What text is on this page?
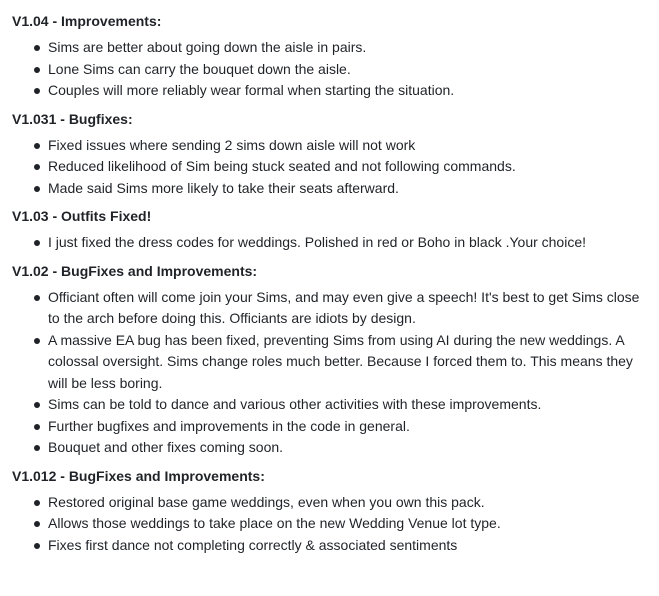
V1.04 - Improvements:
Sims are better about going down the aisle in pairs.
Lone Sims can carry the bouquet down the aisle.
Couples will more reliably wear formal when starting the situation.
V1.031 - Bugfixes:
Fixed issues where sending 2 sims down aisle will not work
Reduced likelihood of Sim being stuck seated and not following commands.
Made said Sims more likely to take their seats afterward.
V1.03 - Outfits Fixed!
I just fixed the dress codes for weddings. Polished in red or Boho in black .Your choice!
V1.02 - BugFixes and Improvements:
Officiant often will come join your Sims, and may even give a speech! It's best to get Sims close to the arch before doing this. Officiants are idiots by design.
A massive EA bug has been fixed, preventing Sims from using AI during the new weddings. A colossal oversight. Sims change roles much better. Because I forced them to. This means they will be less boring.
Sims can be told to dance and various other activities with these improvements.
Further bugfixes and improvements in the code in general.
Bouquet and other fixes coming soon.
V1.012 - BugFixes and Improvements:
Restored original base game weddings, even when you own this pack.
Allows those weddings to take place on the new Wedding Venue lot type.
Fixes first dance not completing correctly & associated sentiments
